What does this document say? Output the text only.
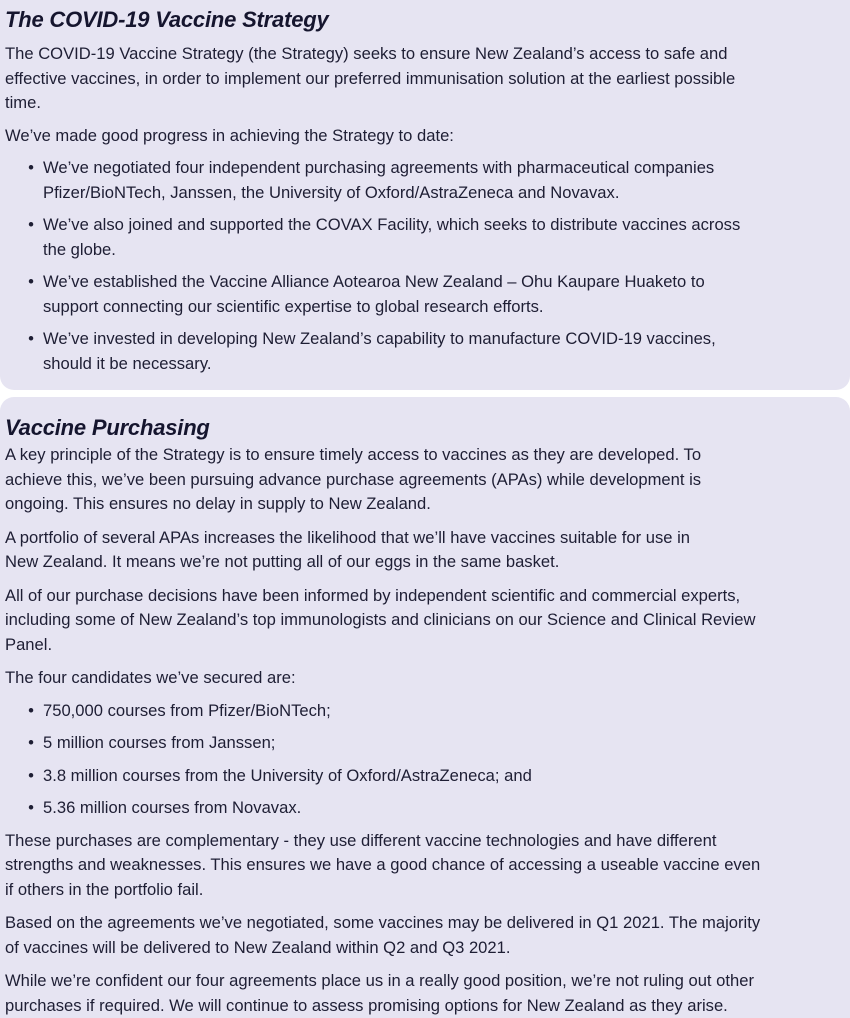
The COVID-19 Vaccine Strategy

The COVID-19 Vaccine Strategy (the Strategy) seeks to ensure New Zealand’s access to safe and
effective vaccines, in order to implement our preferred immunisation solution at the earliest possible
time.

We’ve made good progress in achieving the Strategy to date:

• We’ve negotiated four independent purchasing agreements with pharmaceutical companies
Pfizer/BioNTech, Janssen, the University of Oxford/AstraZeneca and Novavax.
• We’ve also joined and supported the COVAX Facility, which seeks to distribute vaccines across
the globe.
• We’ve established the Vaccine Alliance Aotearoa New Zealand – Ohu Kaupare Huaketo to
support connecting our scientific expertise to global research efforts.
• We’ve invested in developing New Zealand’s capability to manufacture COVID-19 vaccines,
should it be necessary.
Vaccine Purchasing

A key principle of the Strategy is to ensure timely access to vaccines as they are developed. To
achieve this, we’ve been pursuing advance purchase agreements (APAs) while development is
ongoing. This ensures no delay in supply to New Zealand.

A portfolio of several APAs increases the likelihood that we’ll have vaccines suitable for use in
New Zealand. It means we’re not putting all of our eggs in the same basket.

All of our purchase decisions have been informed by independent scientific and commercial experts,
including some of New Zealand’s top immunologists and clinicians on our Science and Clinical Review
Panel.

The four candidates we’ve secured are:

• 750,000 courses from Pfizer/BioNTech;
• 5 million courses from Janssen;
• 3.8 million courses from the University of Oxford/AstraZeneca; and
• 5.36 million courses from Novavax.

These purchases are complementary - they use different vaccine technologies and have different
strengths and weaknesses. This ensures we have a good chance of accessing a useable vaccine even
if others in the portfolio fail.

Based on the agreements we’ve negotiated, some vaccines may be delivered in Q1 2021. The majority
of vaccines will be delivered to New Zealand within Q2 and Q3 2021.

While we’re confident our four agreements place us in a really good position, we’re not ruling out other
purchases if required. We will continue to assess promising options for New Zealand as they arise.
